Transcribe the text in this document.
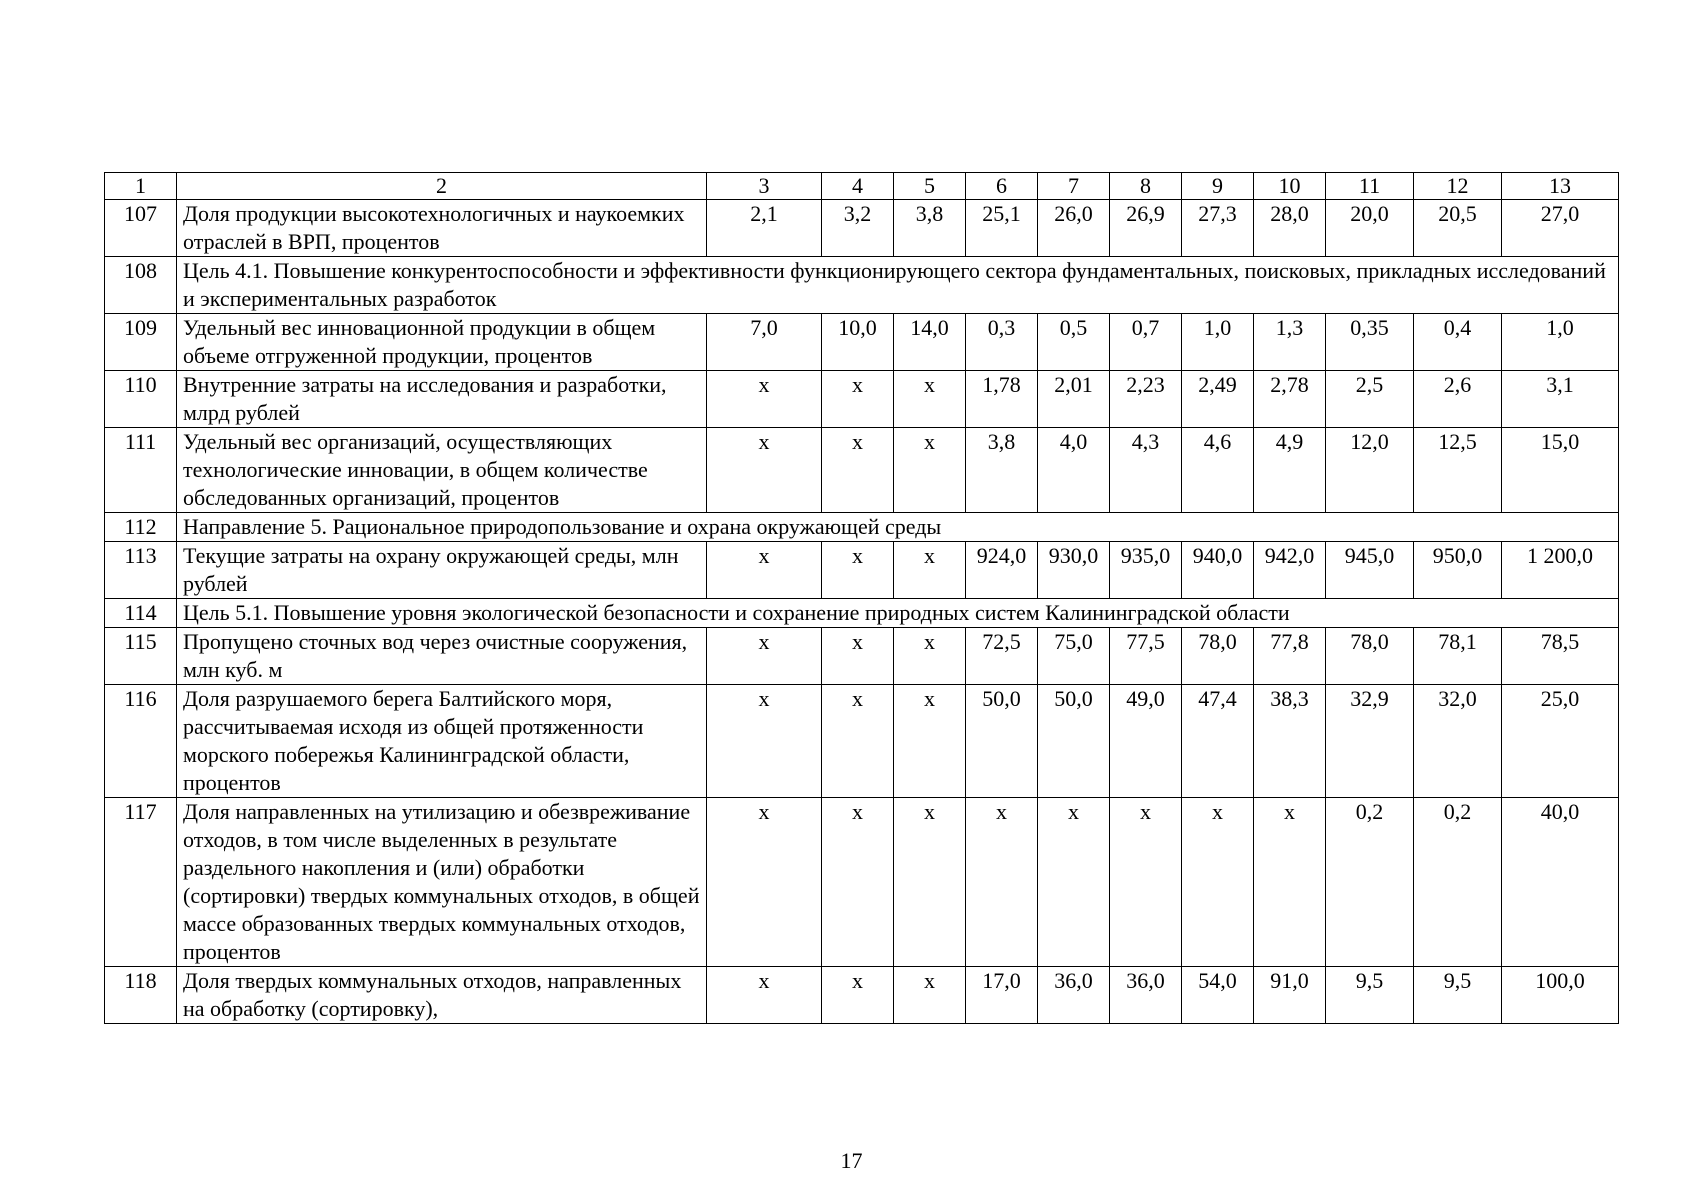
1	2	3	4	5	6	7	8	9	10	11	12	13
107	Доля продукции высокотехнологичных и наукоемких отраслей в ВРП, процентов	2,1	3,2	3,8	25,1	26,0	26,9	27,3	28,0	20,0	20,5	27,0
108	Цель 4.1. Повышение конкурентоспособности и эффективности функционирующего сектора фундаментальных, поисковых, прикладных исследований и экспериментальных разработок											
109	Удельный вес инновационной продукции в общем объеме отгруженной продукции, процентов	7,0	10,0	14,0	0,3	0,5	0,7	1,0	1,3	0,35	0,4	1,0
110	Внутренние затраты на исследования и разработки, млрд рублей	х	х	х	1,78	2,01	2,23	2,49	2,78	2,5	2,6	3,1
111	Удельный вес организаций, осуществляющих технологические инновации, в общем количестве обследованных организаций, процентов	х	х	х	3,8	4,0	4,3	4,6	4,9	12,0	12,5	15,0
112	Направление 5. Рациональное природопользование и охрана окружающей среды											
113	Текущие затраты на охрану окружающей среды, млн рублей	х	х	х	924,0	930,0	935,0	940,0	942,0	945,0	950,0	1 200,0
114	Цель 5.1. Повышение уровня экологической безопасности и сохранение природных систем Калининградской области											
115	Пропущено сточных вод через очистные сооружения, млн куб. м	х	х	х	72,5	75,0	77,5	78,0	77,8	78,0	78,1	78,5
116	Доля разрушаемого берега Балтийского моря, рассчитываемая исходя из общей протяженности морского побережья Калининградской области, процентов	х	х	х	50,0	50,0	49,0	47,4	38,3	32,9	32,0	25,0
117	Доля направленных на утилизацию и обезвреживание отходов, в том числе выделенных в результате раздельного накопления и (или) обработки (сортировки) твердых коммунальных отходов, в общей массе образованных твердых коммунальных отходов, процентов	х	х	х	х	х	х	х	х	0,2	0,2	40,0
118	Доля твердых коммунальных отходов, направленных на обработку (сортировку),	х	х	х	17,0	36,0	36,0	54,0	91,0	9,5	9,5	100,0
17
